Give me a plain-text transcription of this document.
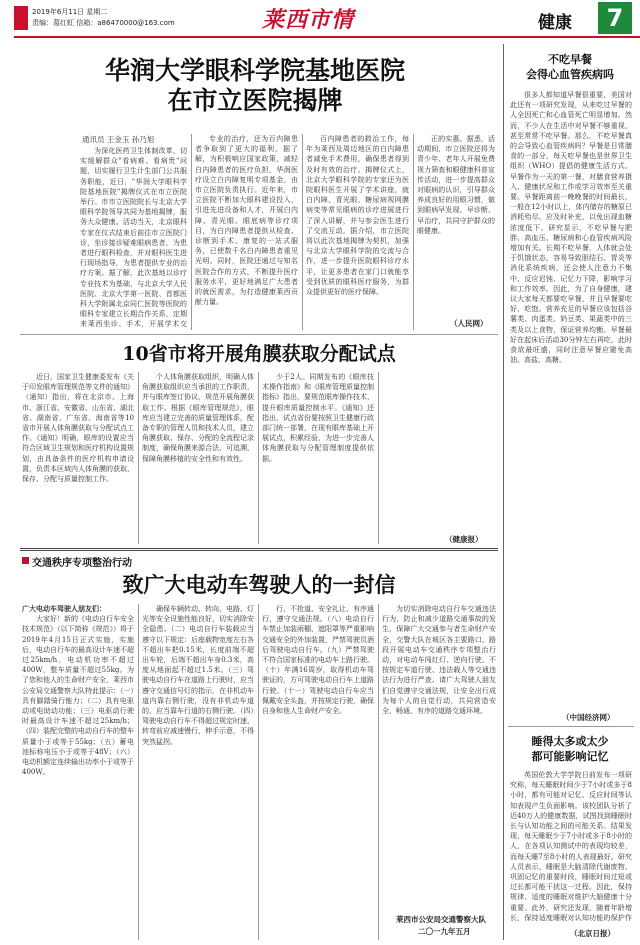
2019年6月11日 星期二
责编：葛红虹 信箱：a86470000@163.com	莱西市情	健康	7
华润大学眼科学院基地医院
在市立医院揭牌
通讯员 王金玉 孙乃旭

为深化医药卫生体制改革，切实缓解群众"看病难、看病贵"问题，切实履行卫生计生部门公共服务职能，近日，"华润大学眼科学院基地医院"揭牌仪式在市立医院举行。市市立医院院长与北京大学眼科学院领导共同为基地揭牌，服务大众健康。活动当天，北京眼科专家在仪式结束后前往市立医院门诊，坐诊接诊疑难眼病患者，为患者进行眼科检查，并对眼科医生进行现场指导，为患者提供专业的治疗方案。据了解，此次基地以诊疗专业技术为基础，与北京大学人民医院、北京大学第一医院、首都医科大学附属北京同仁医院等医院的眼科专家建立长期合作关系，定期来莱西坐诊、手术，开展学术交

专业的治疗，还为百内障患者争取到了更大的福利。据了解，为积极响应国家政策，减轻白内障患者的医疗负担，华润医疗设立白内障复明专项基金，由市立医院负责执行。近年来，市立医院不断加大眼科建设投入，引进先进设备和人才，开展白内障、青光眼、眼底病等诊疗项目，为白内障患者提供从检查、诊断到手术、康复的一站式服务，已使数千名白内障患者重见光明。同时，医院还通过与知名医院合作的方式，不断提升医疗服务水平，更好地满足广大患者的就医需求，为打造健康莱西贡献力量。

百内障患者的救治工作，每年为莱西及周边地区的白内障患者减免手术费用，确保患者得到及时有效的治疗。揭牌仪式上，北京大学眼科学院的专家还为医院眼科医生开展了学术讲座，就白内障、青光眼、糖尿病视网膜病变等常见眼病的诊疗进展进行了深入讲解，并与参会医生进行了交流互动。据介绍，市立医院将以此次基地揭牌为契机，加强与北京大学眼科学院的交流与合作，进一步提升医院眼科诊疗水平，让更多患者在家门口就能享受到优质的眼科医疗服务，为群众提供更好的医疗保障。

正的实惠。据悉，活动期间，市立医院还将为青少年、老年人开展免费视力筛查和眼健康科普宣传活动，进一步提高群众对眼病的认识，引导群众养成良好的用眼习惯，做到眼病早发现、早诊断、早治疗，共同守护群众的眼健康。

（人民网）
10省市将开展角膜获取分配试点

近日，国家卫生健康委发布《关于印发眼库管理规范等文件的通知》（通知）指出，将在北京市、上海市、浙江省、安徽省、山东省、湖北省、湖南省、广东省、海南省等10省市开展人体角膜获取与分配试点工作。《通知》明确，眼库的设置应当符合区域卫生规划和医疗机构设置规划，由具备条件的医疗机构申请设置，负责本区域内人体角膜的获取、保存、分配与质量控制工作。

个人体角膜获取组织，明确人体角膜获取组织应当承担的工作职责，并与眼库签订协议，规范开展角膜获取工作。根据《眼库管理规范》，眼库应当建立完善的质量管理体系，配备专职的管理人员和技术人员，建立角膜获取、保存、分配的全流程记录制度，确保角膜来源合法、可追溯，保障角膜移植的安全性和有效性。

少于2人。同期发布的《眼库技术操作指南》和《眼库管理质量控制指标》指出，要规范眼库操作技术，提升眼库质量控制水平。《通知》还指出，试点省份要按照卫生健康行政部门统一部署，在现有眼库基础上开展试点，积累经验，为进一步完善人体角膜获取与分配管理制度提供依据。

（健康报）
交通秩序专项整治行动
致广大电动车驾驶人的一封信
广大电动车驾驶人朋友们：

大家好！新的《电动自行车安全技术规范》（以下简称《规范》）将于2019年4月15日正式实施，实施后，电动自行车的最高设计车速不超过25km/h，电动机功率不超过400W，整车质量不超过55kg。为了您和他人的生命财产安全，莱西市公安局交通警察大队特此提示：（一）具有脚踏骑行能力；（二）具有电驱动或电助动功能；（三）电驱动行驶时最高设计车速不超过25km/h；（四）装配完整的电动自行车的整车质量小于或等于55kg；（五）蓄电池标称电压小于或等于48V；（六）电动机额定连续输出功率小于或等于400W。

确保车辆转动、转向、电路、灯光等安全设施性能良好，切实消除安全隐患。（二）电动自行车装载应当遵守以下规定：后座载物宽度左右各不超出车把0.15米，长度前端不超出车轮，后端不超出车身0.3米，高度从地面起不超过1.5米。（三）驾驶电动自行车在道路上行驶时，应当遵守交通信号灯的指示，在非机动车道内靠右侧行驶，没有非机动车道的，应当靠车行道的右侧行驶。（四）驾驶电动自行车不得超过规定时速，转弯前应减速慢行，伸手示意，不得突然猛拐。

行、不抢道、安全礼让、有序通行，遵守交通法规。（八）电动自行车禁止加装雨棚、遮阳罩等严重影响交通安全的外加装置，严禁驾驶员酒后驾驶电动自行车。（九）严禁驾驶不符合国家标准的电动车上路行驶。（十）年满16周岁，取得机动车驾驶证的，方可驾驶电动自行车上道路行驶。（十一）驾驶电动自行车应当佩戴安全头盔，并按规定行驶，确保自身和他人生命财产安全。

为切实消除电动自行车交通违法行为，防止和减少道路交通事故的发生，保障广大交通参与者生命财产安全，交警大队在城区各主要路口、路段开展电动车交通秩序专项整治行动，对电动车闯红灯、逆向行驶、不按规定车道行驶、违法载人等交通违法行为进行严查。请广大驾驶人朋友们自觉遵守交通法规，让安全出行成为每个人的自觉行动，共同营造安全、畅通、有序的道路交通环境。

莱西市公安局交通警察大队
二〇一九年五月
不吃早餐
会得心血管疾病吗

很多人都知道早餐很重要，美国对此还有一项研究发现，从来吃过早餐的人全因死亡和心血管死亡明显增加。然而，不少人在生活中对早餐不够重视，甚至常常不吃早餐。那么，不吃早餐真的会导致心血管疾病吗？早餐是日常膳食的一部分，每天吃早餐也是世界卫生组织（WHO）提倡的健康生活方式。早餐作为一天的第一餐，对膳食营养摄入、健康状况和工作或学习效率至关重要。早餐距离前一晚晚餐的时间最长，一般在12小时以上，体内储存的糖原已消耗殆尽，应及时补充，以免出现血糖浓度低下。研究显示，不吃早餐与肥胖、高血压、糖尿病和心血管疾病风险增加有关。长期不吃早餐，人体就会处于饥饿状态，容易导致胆结石、胃炎等消化系统疾病，还会使人注意力不集中、反应迟钝、记忆力下降，影响学习和工作效率。因此，为了自身健康，建议大家每天都要吃早餐，并且早餐要吃好、吃饱。营养充足的早餐应该包括谷薯类、肉蛋类、奶豆类、果蔬类中的三类及以上食物，保证营养均衡。早餐最好在起床后活动30分钟左右再吃，此时食欲最旺盛，同时注意早餐应避免高油、高盐、高糖。

（中国经济网）
睡得太多或太少
都可能影响记忆

英国伦敦大学学院日前发布一项研究称，每天睡眠时间少于7小时或多于8小时，都有可能对记忆、反应时间等认知表现产生负面影响。该校团队分析了近40万人的健康数据，试图找到睡眠时长与认知功能之间的可能关系。结果发现，每天睡眠少于7小时或多于8小时的人，在各项认知测试中的表现均较差，而每天睡7至8小时的人表现最好。研究人员表示，睡眠是大脑清除代谢废物、巩固记忆的重要时段，睡眠时间过短或过长都可能干扰这一过程。因此，保持规律、适度的睡眠对维护大脑健康十分重要。此外，研究还发现，随着年龄增长，保持适度睡眠对认知功能的保护作

（北京日报）
